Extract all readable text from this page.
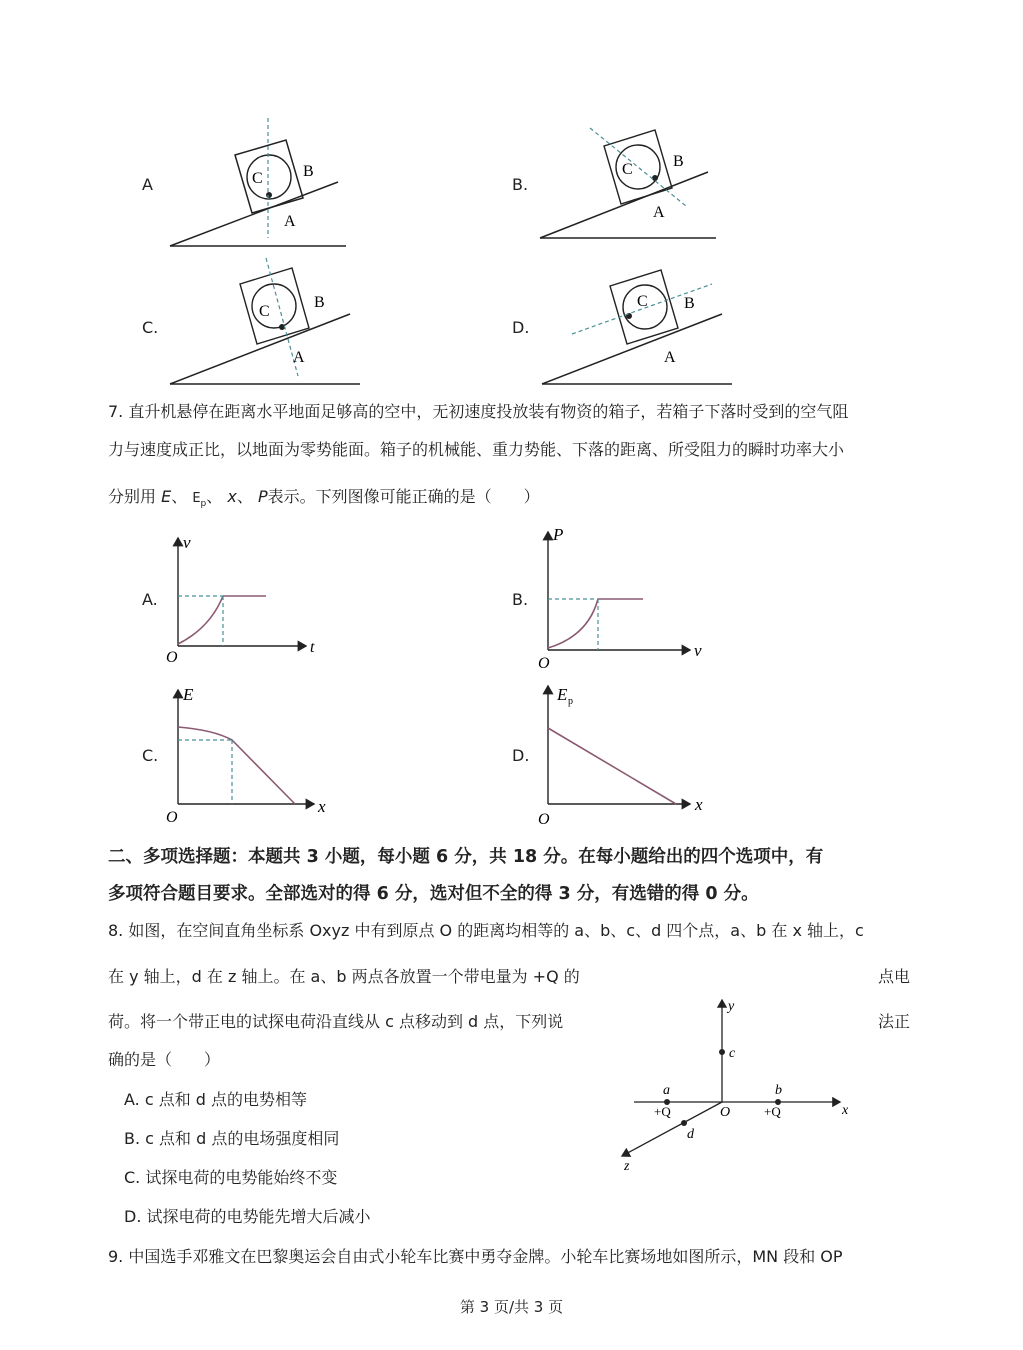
C	B
A
C	B
A
C
B
A
C B
A
A	B.
C.	D.
7. 直升机悬停在距离水平地面足够高的空中，无初速度投放装有物资的箱子，若箱子下落时受到的空气阻
力与速度成正比，以地面为零势能面。箱子的机械能、重力势能、下落的距离、所受阻力的瞬时功率大小
分别用 E、 $E_p$、 x、 P表示。下列图像可能正确的是（　　）
v
t
O
P
v
O
E
x
O
E p
x
O
A.	B.
C.	D.
二、多项选择题：本题共 3 小题，每小题 6 分，共 18 分。在每小题给出的四个选项中，有
多项符合题目要求。全部选对的得 6 分，选对但不全的得 3 分，有选错的得 0 分。
8. 如图，在空间直角坐标系 Oxyz 中有到原点 O 的距离均相等的 a、b、c、d 四个点，a、b 在 x 轴上，c
在 y 轴上，d 在 z 轴上。在 a、b 两点各放置一个带电量为 +Q 的	点电
荷。将一个带正电的试探电荷沿直线从 c 点移动到 d 点，下列说	法正
确的是（　　）
A. c 点和 d 点的电势相等
B. c 点和 d 点的电场强度相同
C. 试探电荷的电势能始终不变
D. 试探电荷的电势能先增大后减小
y
x
z
O
a	b
c
d
+Q	+Q
9. 中国选手邓雅文在巴黎奥运会自由式小轮车比赛中勇夺金牌。小轮车比赛场地如图所示，MN 段和 OP
第 3 页/共 3 页
